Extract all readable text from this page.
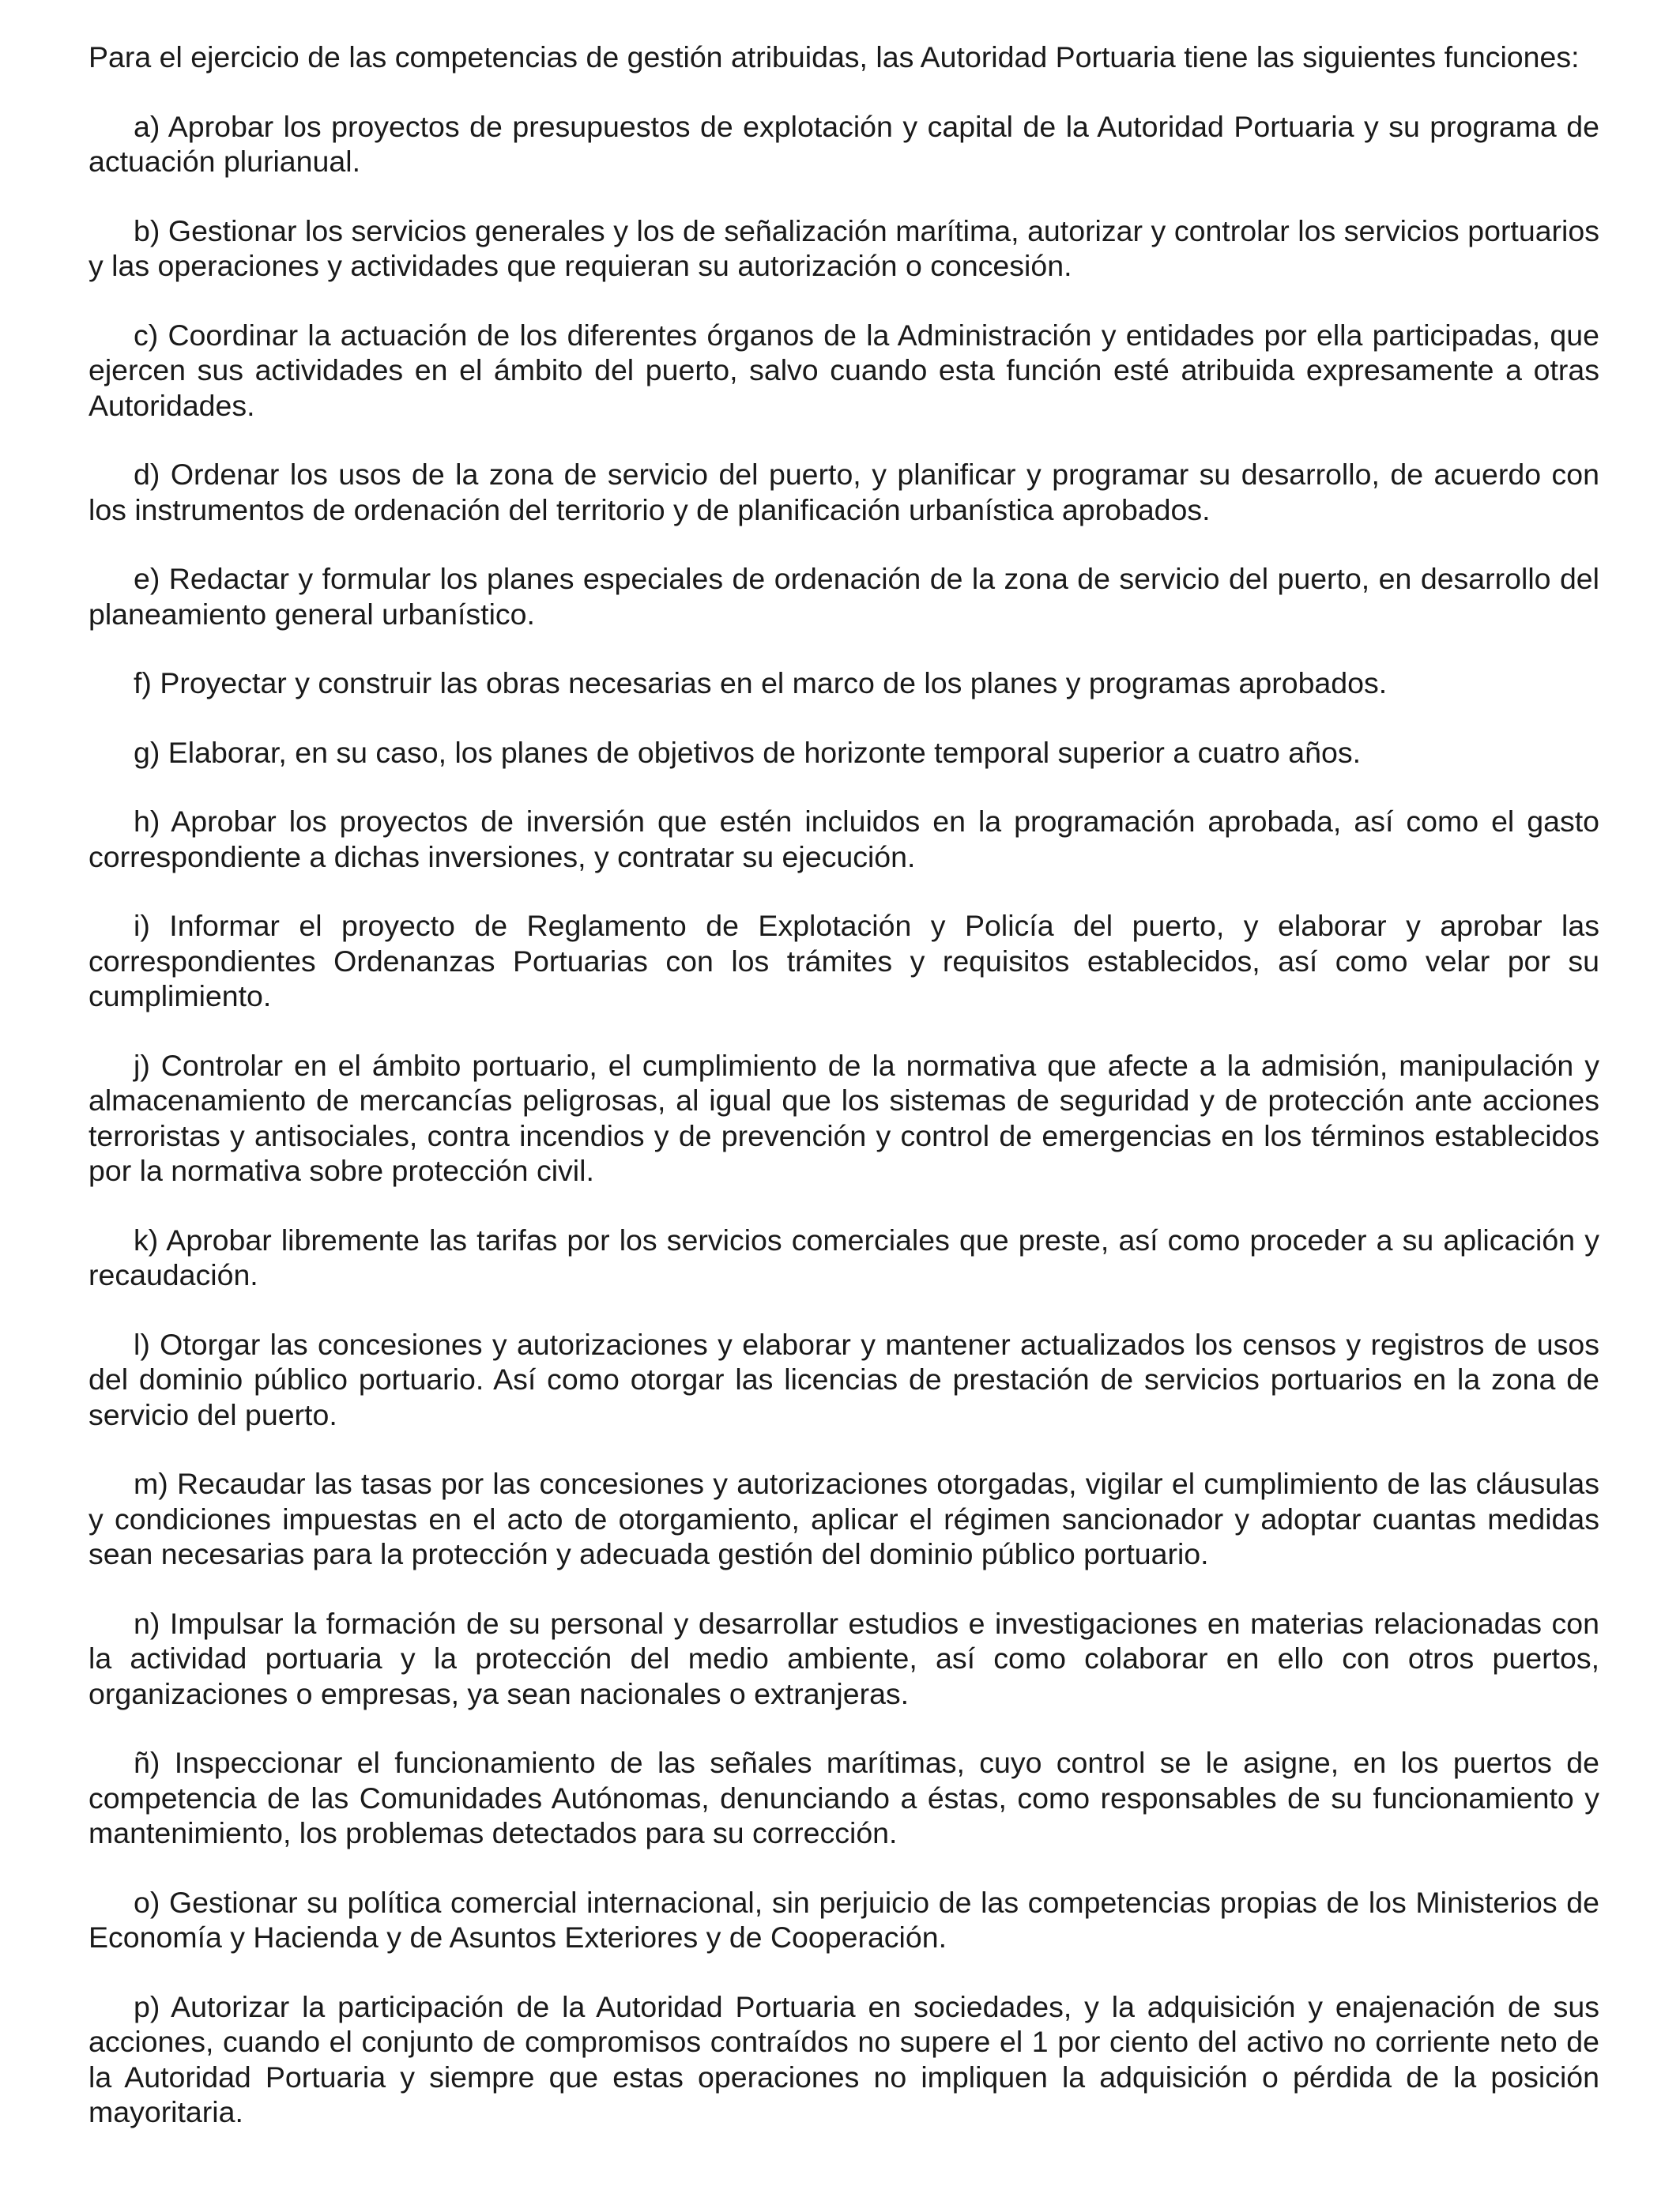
Para el ejercicio de las competencias de gestión atribuidas, las Autoridad Portuaria tiene las siguientes funciones:

a) Aprobar los proyectos de presupuestos de explotación y capital de la Autoridad Portuaria y su programa de actuación plurianual.

b) Gestionar los servicios generales y los de señalización marítima, autorizar y controlar los servicios portuarios y las operaciones y actividades que requieran su autorización o concesión.

c) Coordinar la actuación de los diferentes órganos de la Administración y entidades por ella participadas, que ejercen sus actividades en el ámbito del puerto, salvo cuando esta función esté atribuida expresamente a otras Autoridades.

d) Ordenar los usos de la zona de servicio del puerto, y planificar y programar su desarrollo, de acuerdo con los instrumentos de ordenación del territorio y de planificación urbanística aprobados.

e) Redactar y formular los planes especiales de ordenación de la zona de servicio del puerto, en desarrollo del planeamiento general urbanístico.

f) Proyectar y construir las obras necesarias en el marco de los planes y programas aprobados.

g) Elaborar, en su caso, los planes de objetivos de horizonte temporal superior a cuatro años.

h) Aprobar los proyectos de inversión que estén incluidos en la programación aprobada, así como el gasto correspondiente a dichas inversiones, y contratar su ejecución.

i) Informar el proyecto de Reglamento de Explotación y Policía del puerto, y elaborar y aprobar las correspondientes Ordenanzas Portuarias con los trámites y requisitos establecidos, así como velar por su cumplimiento.

j) Controlar en el ámbito portuario, el cumplimiento de la normativa que afecte a la admisión, manipulación y almacenamiento de mercancías peligrosas, al igual que los sistemas de seguridad y de protección ante acciones terroristas y antisociales, contra incendios y de prevención y control de emergencias en los términos establecidos por la normativa sobre protección civil.

k) Aprobar libremente las tarifas por los servicios comerciales que preste, así como proceder a su aplicación y recaudación.

l) Otorgar las concesiones y autorizaciones y elaborar y mantener actualizados los censos y registros de usos del dominio público portuario. Así como otorgar las licencias de prestación de servicios portuarios en la zona de servicio del puerto.

m) Recaudar las tasas por las concesiones y autorizaciones otorgadas, vigilar el cumplimiento de las cláusulas y condiciones impuestas en el acto de otorgamiento, aplicar el régimen sancionador y adoptar cuantas medidas sean necesarias para la protección y adecuada gestión del dominio público portuario.

n) Impulsar la formación de su personal y desarrollar estudios e investigaciones en materias relacionadas con la actividad portuaria y la protección del medio ambiente, así como colaborar en ello con otros puertos, organizaciones o empresas, ya sean nacionales o extranjeras.

ñ) Inspeccionar el funcionamiento de las señales marítimas, cuyo control se le asigne, en los puertos de competencia de las Comunidades Autónomas, denunciando a éstas, como responsables de su funcionamiento y mantenimiento, los problemas detectados para su corrección.

o) Gestionar su política comercial internacional, sin perjuicio de las competencias propias de los Ministerios de Economía y Hacienda y de Asuntos Exteriores y de Cooperación.

p) Autorizar la participación de la Autoridad Portuaria en sociedades, y la adquisición y enajenación de sus acciones, cuando el conjunto de compromisos contraídos no supere el 1 por ciento del activo no corriente neto de la Autoridad Portuaria y siempre que estas operaciones no impliquen la adquisición o pérdida de la posición mayoritaria.
